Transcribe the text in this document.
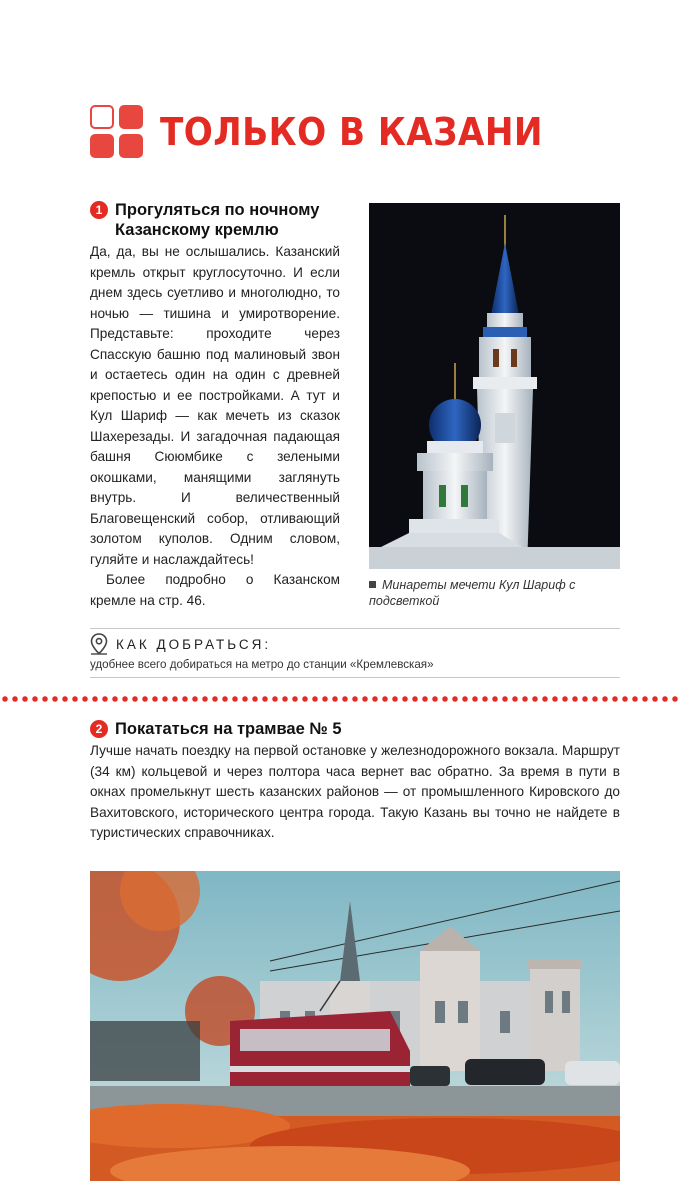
ТОЛЬКО В КАЗАНИ
1 Прогуляться по ночному Казанскому кремлю

Да, да, вы не ослышались. Казанский кремль открыт круглосуточно. И если днем здесь суетливо и многолюдно, то ночью — тишина и умиротворение. Представьте: проходите через Спасскую башню под малиновый звон и остаетесь один на один с древней крепостью и ее постройками. А тут и Кул Шариф — как мечеть из сказок Шахерезады. И загадочная падающая башня Сююмбике с зелеными окошками, манящими заглянуть внутрь. И величественный Благовещенский собор, отливающий золотом куполов. Одним словом, гуляйте и наслаждайтесь!

Более подробно о Казанском кремле на стр. 46.

Минареты мечети Кул Шариф с подсветкой
КАК ДОБРАТЬСЯ:
удобнее всего добираться на метро до станции «Кремлевская»
2 Покататься на трамвае № 5

Лучше начать поездку на первой остановке у железнодорожного вокзала. Маршрут (34 км) кольцевой и через полтора часа вернет вас обратно. За время в пути в окнах промелькнут шесть казанских районов — от промышленного Кировского до Вахитовского, исторического центра города. Такую Казань вы точно не найдете в туристических справочниках.
